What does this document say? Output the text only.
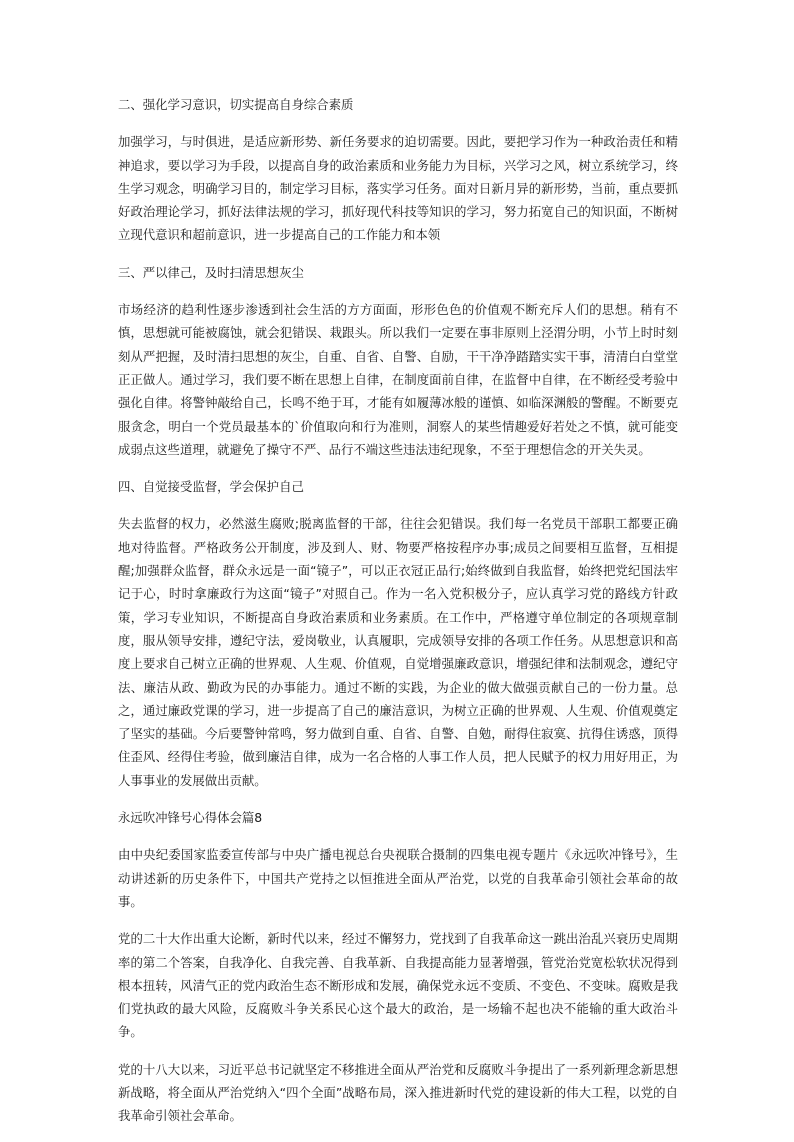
二、强化学习意识，切实提高自身综合素质

加强学习，与时俱进，是适应新形势、新任务要求的迫切需要。因此，要把学习作为一种政治责任和精神追求，要以学习为手段，以提高自身的政治素质和业务能力为目标，兴学习之风，树立系统学习，终生学习观念，明确学习目的，制定学习目标，落实学习任务。面对日新月异的新形势，当前，重点要抓好政治理论学习，抓好法律法规的学习，抓好现代科技等知识的学习，努力拓宽自己的知识面，不断树立现代意识和超前意识，进一步提高自己的工作能力和本领

三、严以律己，及时扫清思想灰尘

市场经济的趋利性逐步渗透到社会生活的方方面面，形形色色的价值观不断充斥人们的思想。稍有不慎，思想就可能被腐蚀，就会犯错误、栽跟头。所以我们一定要在事非原则上泾渭分明，小节上时时刻刻从严把握，及时清扫思想的灰尘，自重、自省、自警、自励，干干净净踏踏实实干事，清清白白堂堂正正做人。通过学习，我们要不断在思想上自律，在制度面前自律，在监督中自律，在不断经受考验中强化自律。将警钟敲给自己，长鸣不绝于耳，才能有如履薄冰般的谨慎、如临深渊般的警醒。不断要克服贪念，明白一个党员最基本的`价值取向和行为准则，洞察人的某些情趣爱好若处之不慎，就可能变成弱点这些道理，就避免了操守不严、品行不端这些违法违纪现象，不至于理想信念的开关失灵。

四、自觉接受监督，学会保护自己

失去监督的权力，必然滋生腐败;脱离监督的干部，往往会犯错误。我们每一名党员干部职工都要正确地对待监督。严格政务公开制度，涉及到人、财、物要严格按程序办事;成员之间要相互监督，互相提醒;加强群众监督，群众永远是一面“镜子”，可以正衣冠正品行;始终做到自我监督，始终把党纪国法牢记于心，时时拿廉政行为这面“镜子”对照自己。作为一名入党积极分子，应认真学习党的路线方针政策，学习专业知识，不断提高自身政治素质和业务素质。在工作中，严格遵守单位制定的各项规章制度，服从领导安排，遵纪守法，爱岗敬业，认真履职，完成领导安排的各项工作任务。从思想意识和高度上要求自己树立正确的世界观、人生观、价值观，自觉增强廉政意识，增强纪律和法制观念，遵纪守法、廉洁从政、勤政为民的办事能力。通过不断的实践，为企业的做大做强贡献自己的一份力量。总之，通过廉政党课的学习，进一步提高了自己的廉洁意识，为树立正确的世界观、人生观、价值观奠定了坚实的基础。今后要警钟常鸣，努力做到自重、自省、自警、自勉，耐得住寂寞、抗得住诱惑，顶得住歪风、经得住考验，做到廉洁自律，成为一名合格的人事工作人员，把人民赋予的权力用好用正，为人事事业的发展做出贡献。

永远吹冲锋号心得体会篇8

由中央纪委国家监委宣传部与中央广播电视总台央视联合摄制的四集电视专题片《永远吹冲锋号》，生动讲述新的历史条件下，中国共产党持之以恒推进全面从严治党，以党的自我革命引领社会革命的故事。

党的二十大作出重大论断，新时代以来，经过不懈努力，党找到了自我革命这一跳出治乱兴衰历史周期率的第二个答案，自我净化、自我完善、自我革新、自我提高能力显著增强，管党治党宽松软状况得到根本扭转，风清气正的党内政治生态不断形成和发展，确保党永远不变质、不变色、不变味。腐败是我们党执政的最大风险，反腐败斗争关系民心这个最大的政治，是一场输不起也决不能输的重大政治斗争。

党的十八大以来，习近平总书记就坚定不移推进全面从严治党和反腐败斗争提出了一系列新理念新思想新战略，将全面从严治党纳入“四个全面”战略布局，深入推进新时代党的建设新的伟大工程，以党的自我革命引领社会革命。
